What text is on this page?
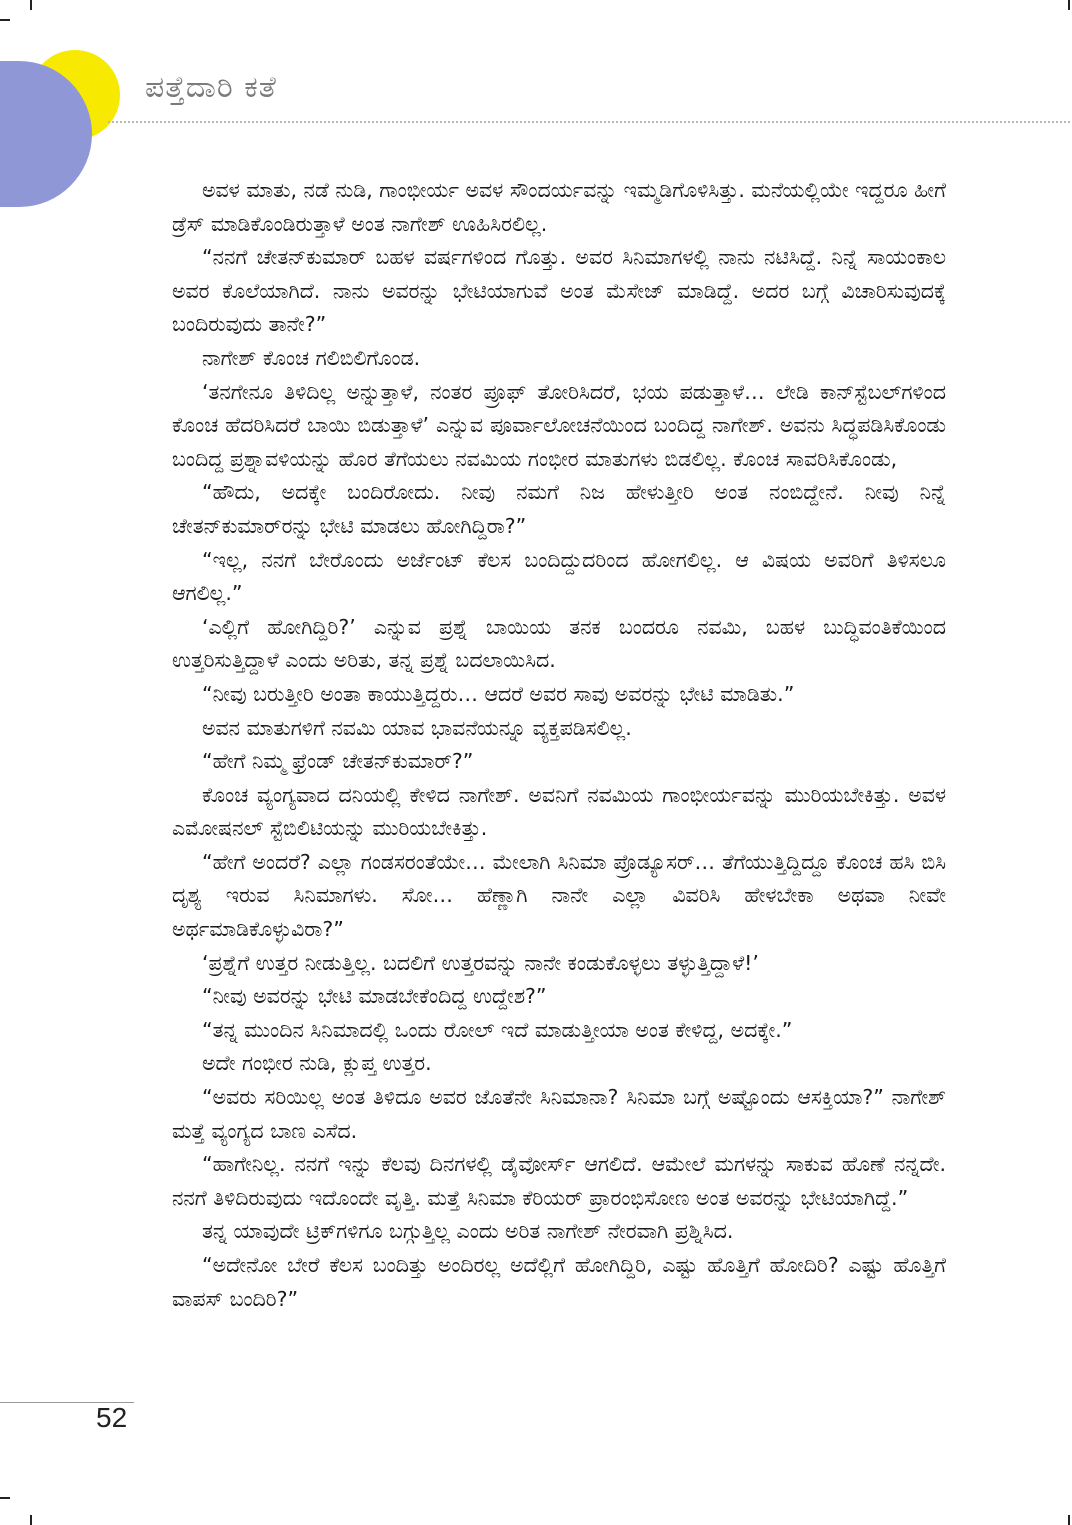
ಪತ್ತೆದಾರಿ ಕತೆ

ಅವಳ ಮಾತು, ನಡೆ ನುಡಿ, ಗಾಂಭೀರ್ಯ ಅವಳ ಸೌಂದರ್ಯವನ್ನು ಇಮ್ಮಡಿಗೊಳಿಸಿತ್ತು. ಮನೆಯಲ್ಲಿಯೇ ಇದ್ದರೂ ಹೀಗೆ ಡ್ರೆಸ್ ಮಾಡಿಕೊಂಡಿರುತ್ತಾಳೆ ಅಂತ ನಾಗೇಶ್ ಊಹಿಸಿರಲಿಲ್ಲ.

“ನನಗೆ ಚೇತನ್‌ಕುಮಾರ್ ಬಹಳ ವರ್ಷಗಳಿಂದ ಗೊತ್ತು. ಅವರ ಸಿನಿಮಾಗಳಲ್ಲಿ ನಾನು ನಟಿಸಿದ್ದೆ. ನಿನ್ನೆ ಸಾಯಂಕಾಲ ಅವರ ಕೊಲೆಯಾಗಿದೆ. ನಾನು ಅವರನ್ನು ಭೇಟಿಯಾಗುವೆ ಅಂತ ಮೆಸೇಜ್ ಮಾಡಿದ್ದೆ. ಅದರ ಬಗ್ಗೆ ವಿಚಾರಿಸುವುದಕ್ಕೆ ಬಂದಿರುವುದು ತಾನೇ?”

ನಾಗೇಶ್ ಕೊಂಚ ಗಲಿಬಿಲಿಗೊಂಡ.

‘ತನಗೇನೂ ತಿಳಿದಿಲ್ಲ ಅನ್ನುತ್ತಾಳೆ, ನಂತರ ಪ್ರೂಫ್ ತೋರಿಸಿದರೆ, ಭಯ ಪಡುತ್ತಾಳೆ… ಲೇಡಿ ಕಾನ್‌ಸ್ಟೆಬಲ್‌ಗಳಿಂದ ಕೊಂಚ ಹೆದರಿಸಿದರೆ ಬಾಯಿ ಬಿಡುತ್ತಾಳೆ’ ಎನ್ನುವ ಪೂರ್ವಾಲೋಚನೆಯಿಂದ ಬಂದಿದ್ದ ನಾಗೇಶ್. ಅವನು ಸಿದ್ಧಪಡಿಸಿಕೊಂಡು ಬಂದಿದ್ದ ಪ್ರಶ್ನಾವಳಿಯನ್ನು ಹೊರ ತೆಗೆಯಲು ನವಮಿಯ ಗಂಭೀರ ಮಾತುಗಳು ಬಿಡಲಿಲ್ಲ. ಕೊಂಚ ಸಾವರಿಸಿಕೊಂಡು,

“ಹೌದು, ಅದಕ್ಕೇ ಬಂದಿರೋದು. ನೀವು ನಮಗೆ ನಿಜ ಹೇಳುತ್ತೀರಿ ಅಂತ ನಂಬಿದ್ದೇನೆ. ನೀವು ನಿನ್ನೆ ಚೇತನ್‌ಕುಮಾರ್‌ರನ್ನು ಭೇಟಿ ಮಾಡಲು ಹೋಗಿದ್ದಿರಾ?”

“ಇಲ್ಲ, ನನಗೆ ಬೇರೊಂದು ಅರ್ಜೆಂಟ್ ಕೆಲಸ ಬಂದಿದ್ದುದರಿಂದ ಹೋಗಲಿಲ್ಲ. ಆ ವಿಷಯ ಅವರಿಗೆ ತಿಳಿಸಲೂ ಆಗಲಿಲ್ಲ.”

‘ಎಲ್ಲಿಗೆ ಹೋಗಿದ್ದಿರಿ?’ ಎನ್ನುವ ಪ್ರಶ್ನೆ ಬಾಯಿಯ ತನಕ ಬಂದರೂ ನವಮಿ, ಬಹಳ ಬುದ್ಧಿವಂತಿಕೆಯಿಂದ ಉತ್ತರಿಸುತ್ತಿದ್ದಾಳೆ ಎಂದು ಅರಿತು, ತನ್ನ ಪ್ರಶ್ನೆ ಬದಲಾಯಿಸಿದ.

“ನೀವು ಬರುತ್ತೀರಿ ಅಂತಾ ಕಾಯುತ್ತಿದ್ದರು… ಆದರೆ ಅವರ ಸಾವು ಅವರನ್ನು ಭೇಟಿ ಮಾಡಿತು.”

ಅವನ ಮಾತುಗಳಿಗೆ ನವಮಿ ಯಾವ ಭಾವನೆಯನ್ನೂ ವ್ಯಕ್ತಪಡಿಸಲಿಲ್ಲ.

“ಹೇಗೆ ನಿಮ್ಮ ಫ್ರೆಂಡ್ ಚೇತನ್‌ಕುಮಾರ್?”

ಕೊಂಚ ವ್ಯಂಗ್ಯವಾದ ದನಿಯಲ್ಲಿ ಕೇಳಿದ ನಾಗೇಶ್. ಅವನಿಗೆ ನವಮಿಯ ಗಾಂಭೀರ್ಯವನ್ನು ಮುರಿಯಬೇಕಿತ್ತು. ಅವಳ ಎಮೋಷನಲ್ ಸ್ಟೆಬಿಲಿಟಿಯನ್ನು ಮುರಿಯಬೇಕಿತ್ತು.

“ಹೇಗೆ ಅಂದರೆ? ಎಲ್ಲಾ ಗಂಡಸರಂತೆಯೇ… ಮೇಲಾಗಿ ಸಿನಿಮಾ ಪ್ರೊಡ್ಯೂಸರ್… ತೆಗೆಯುತ್ತಿದ್ದಿದ್ದೂ ಕೊಂಚ ಹಸಿ ಬಿಸಿ ದೃಶ್ಯ ಇರುವ ಸಿನಿಮಾಗಳು. ಸೋ… ಹೆಣ್ಣಾಗಿ ನಾನೇ ಎಲ್ಲಾ ವಿವರಿಸಿ ಹೇಳಬೇಕಾ ಅಥವಾ ನೀವೇ ಅರ್ಥಮಾಡಿಕೊಳ್ಳುವಿರಾ?”

‘ಪ್ರಶ್ನೆಗೆ ಉತ್ತರ ನೀಡುತ್ತಿಲ್ಲ. ಬದಲಿಗೆ ಉತ್ತರವನ್ನು ನಾನೇ ಕಂಡುಕೊಳ್ಳಲು ತಳ್ಳುತ್ತಿದ್ದಾಳೆ!’

“ನೀವು ಅವರನ್ನು ಭೇಟಿ ಮಾಡಬೇಕೆಂದಿದ್ದ ಉದ್ದೇಶ?”

“ತನ್ನ ಮುಂದಿನ ಸಿನಿಮಾದಲ್ಲಿ ಒಂದು ರೋಲ್ ಇದೆ ಮಾಡುತ್ತೀಯಾ ಅಂತ ಕೇಳಿದ್ದ, ಅದಕ್ಕೇ.”

ಅದೇ ಗಂಭೀರ ನುಡಿ, ಕ್ಲುಪ್ತ ಉತ್ತರ.

“ಅವರು ಸರಿಯಿಲ್ಲ ಅಂತ ತಿಳಿದೂ ಅವರ ಜೊತೆನೇ ಸಿನಿಮಾನಾ? ಸಿನಿಮಾ ಬಗ್ಗೆ ಅಷ್ಟೊಂದು ಆಸಕ್ತಿಯಾ?” ನಾಗೇಶ್ ಮತ್ತೆ ವ್ಯಂಗ್ಯದ ಬಾಣ ಎಸೆದ.

“ಹಾಗೇನಿಲ್ಲ. ನನಗೆ ಇನ್ನು ಕೆಲವು ದಿನಗಳಲ್ಲಿ ಡೈವೋರ್ಸ್ ಆಗಲಿದೆ. ಆಮೇಲೆ ಮಗಳನ್ನು ಸಾಕುವ ಹೊಣೆ ನನ್ನದೇ. ನನಗೆ ತಿಳಿದಿರುವುದು ಇದೊಂದೇ ವೃತ್ತಿ. ಮತ್ತೆ ಸಿನಿಮಾ ಕೆರಿಯರ್ ಪ್ರಾರಂಭಿಸೋಣ ಅಂತ ಅವರನ್ನು ಭೇಟಿಯಾಗಿದ್ದೆ.”

ತನ್ನ ಯಾವುದೇ ಟ್ರಿಕ್‌ಗಳಿಗೂ ಬಗ್ಗುತ್ತಿಲ್ಲ ಎಂದು ಅರಿತ ನಾಗೇಶ್ ನೇರವಾಗಿ ಪ್ರಶ್ನಿಸಿದ.

“ಅದೇನೋ ಬೇರೆ ಕೆಲಸ ಬಂದಿತ್ತು ಅಂದಿರಲ್ಲ ಅದೆಲ್ಲಿಗೆ ಹೋಗಿದ್ದಿರಿ, ಎಷ್ಟು ಹೊತ್ತಿಗೆ ಹೋದಿರಿ? ಎಷ್ಟು ಹೊತ್ತಿಗೆ ವಾಪಸ್ ಬಂದಿರಿ?”

52
